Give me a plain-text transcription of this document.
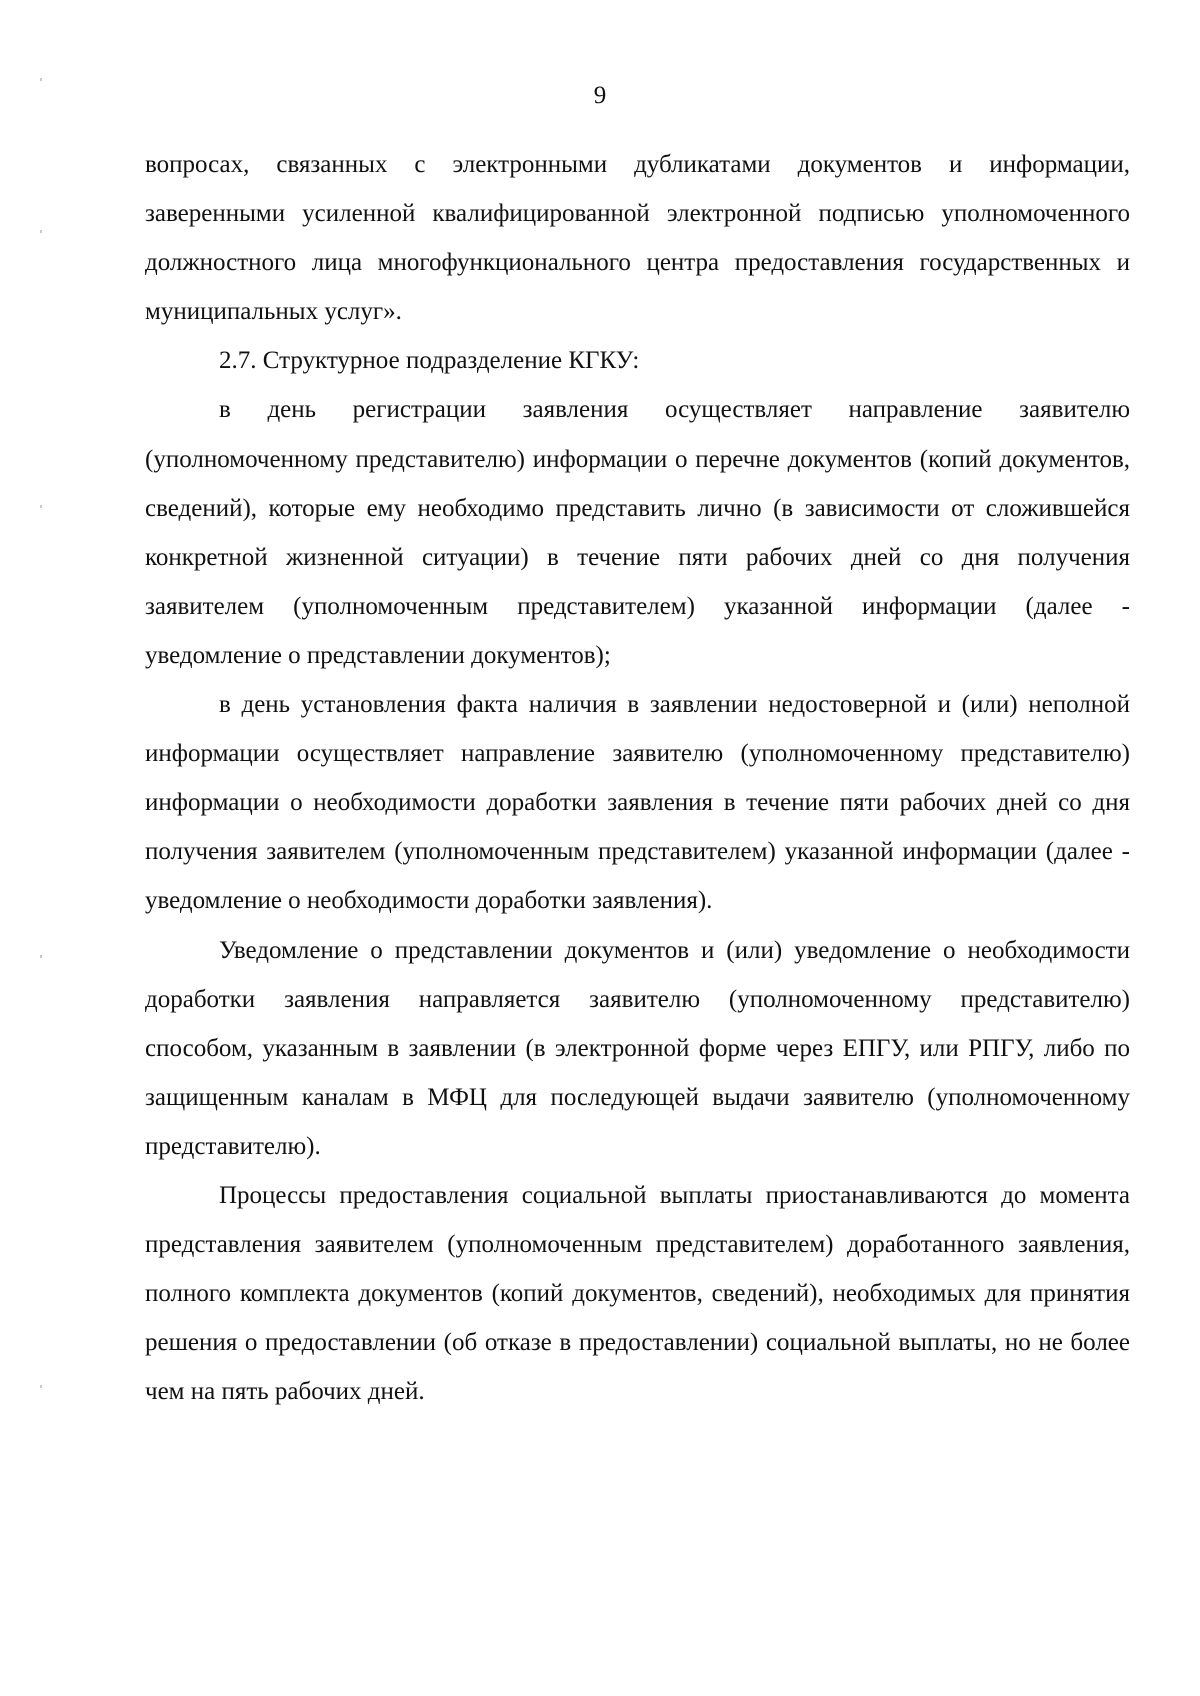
9

вопросах, связанных с электронными дубликатами документов и информации, заверенными усиленной квалифицированной электронной подписью уполномоченного должностного лица многофункционального центра предоставления государственных и муниципальных услуг».

2.7. Структурное подразделение КГКУ:

в день регистрации заявления осуществляет направление заявителю (уполномоченному представителю) информации о перечне документов (копий документов, сведений), которые ему необходимо представить лично (в зависимости от сложившейся конкретной жизненной ситуации) в течение пяти рабочих дней со дня получения заявителем (уполномоченным представителем) указанной информации (далее - уведомление о представлении документов);

в день установления факта наличия в заявлении недостоверной и (или) неполной информации осуществляет направление заявителю (уполномоченному представителю) информации о необходимости доработки заявления в течение пяти рабочих дней со дня получения заявителем (уполномоченным представителем) указанной информации (далее - уведомление о необходимости доработки заявления).

Уведомление о представлении документов и (или) уведомление о необходимости доработки заявления направляется заявителю (уполномоченному представителю) способом, указанным в заявлении (в электронной форме через ЕПГУ, или РПГУ, либо по защищенным каналам в МФЦ для последующей выдачи заявителю (уполномоченному представителю).

Процессы предоставления социальной выплаты приостанавливаются до момента представления заявителем (уполномоченным представителем) доработанного заявления, полного комплекта документов (копий документов, сведений), необходимых для принятия решения о предоставлении (об отказе в предоставлении) социальной выплаты, но не более чем на пять рабочих дней.
